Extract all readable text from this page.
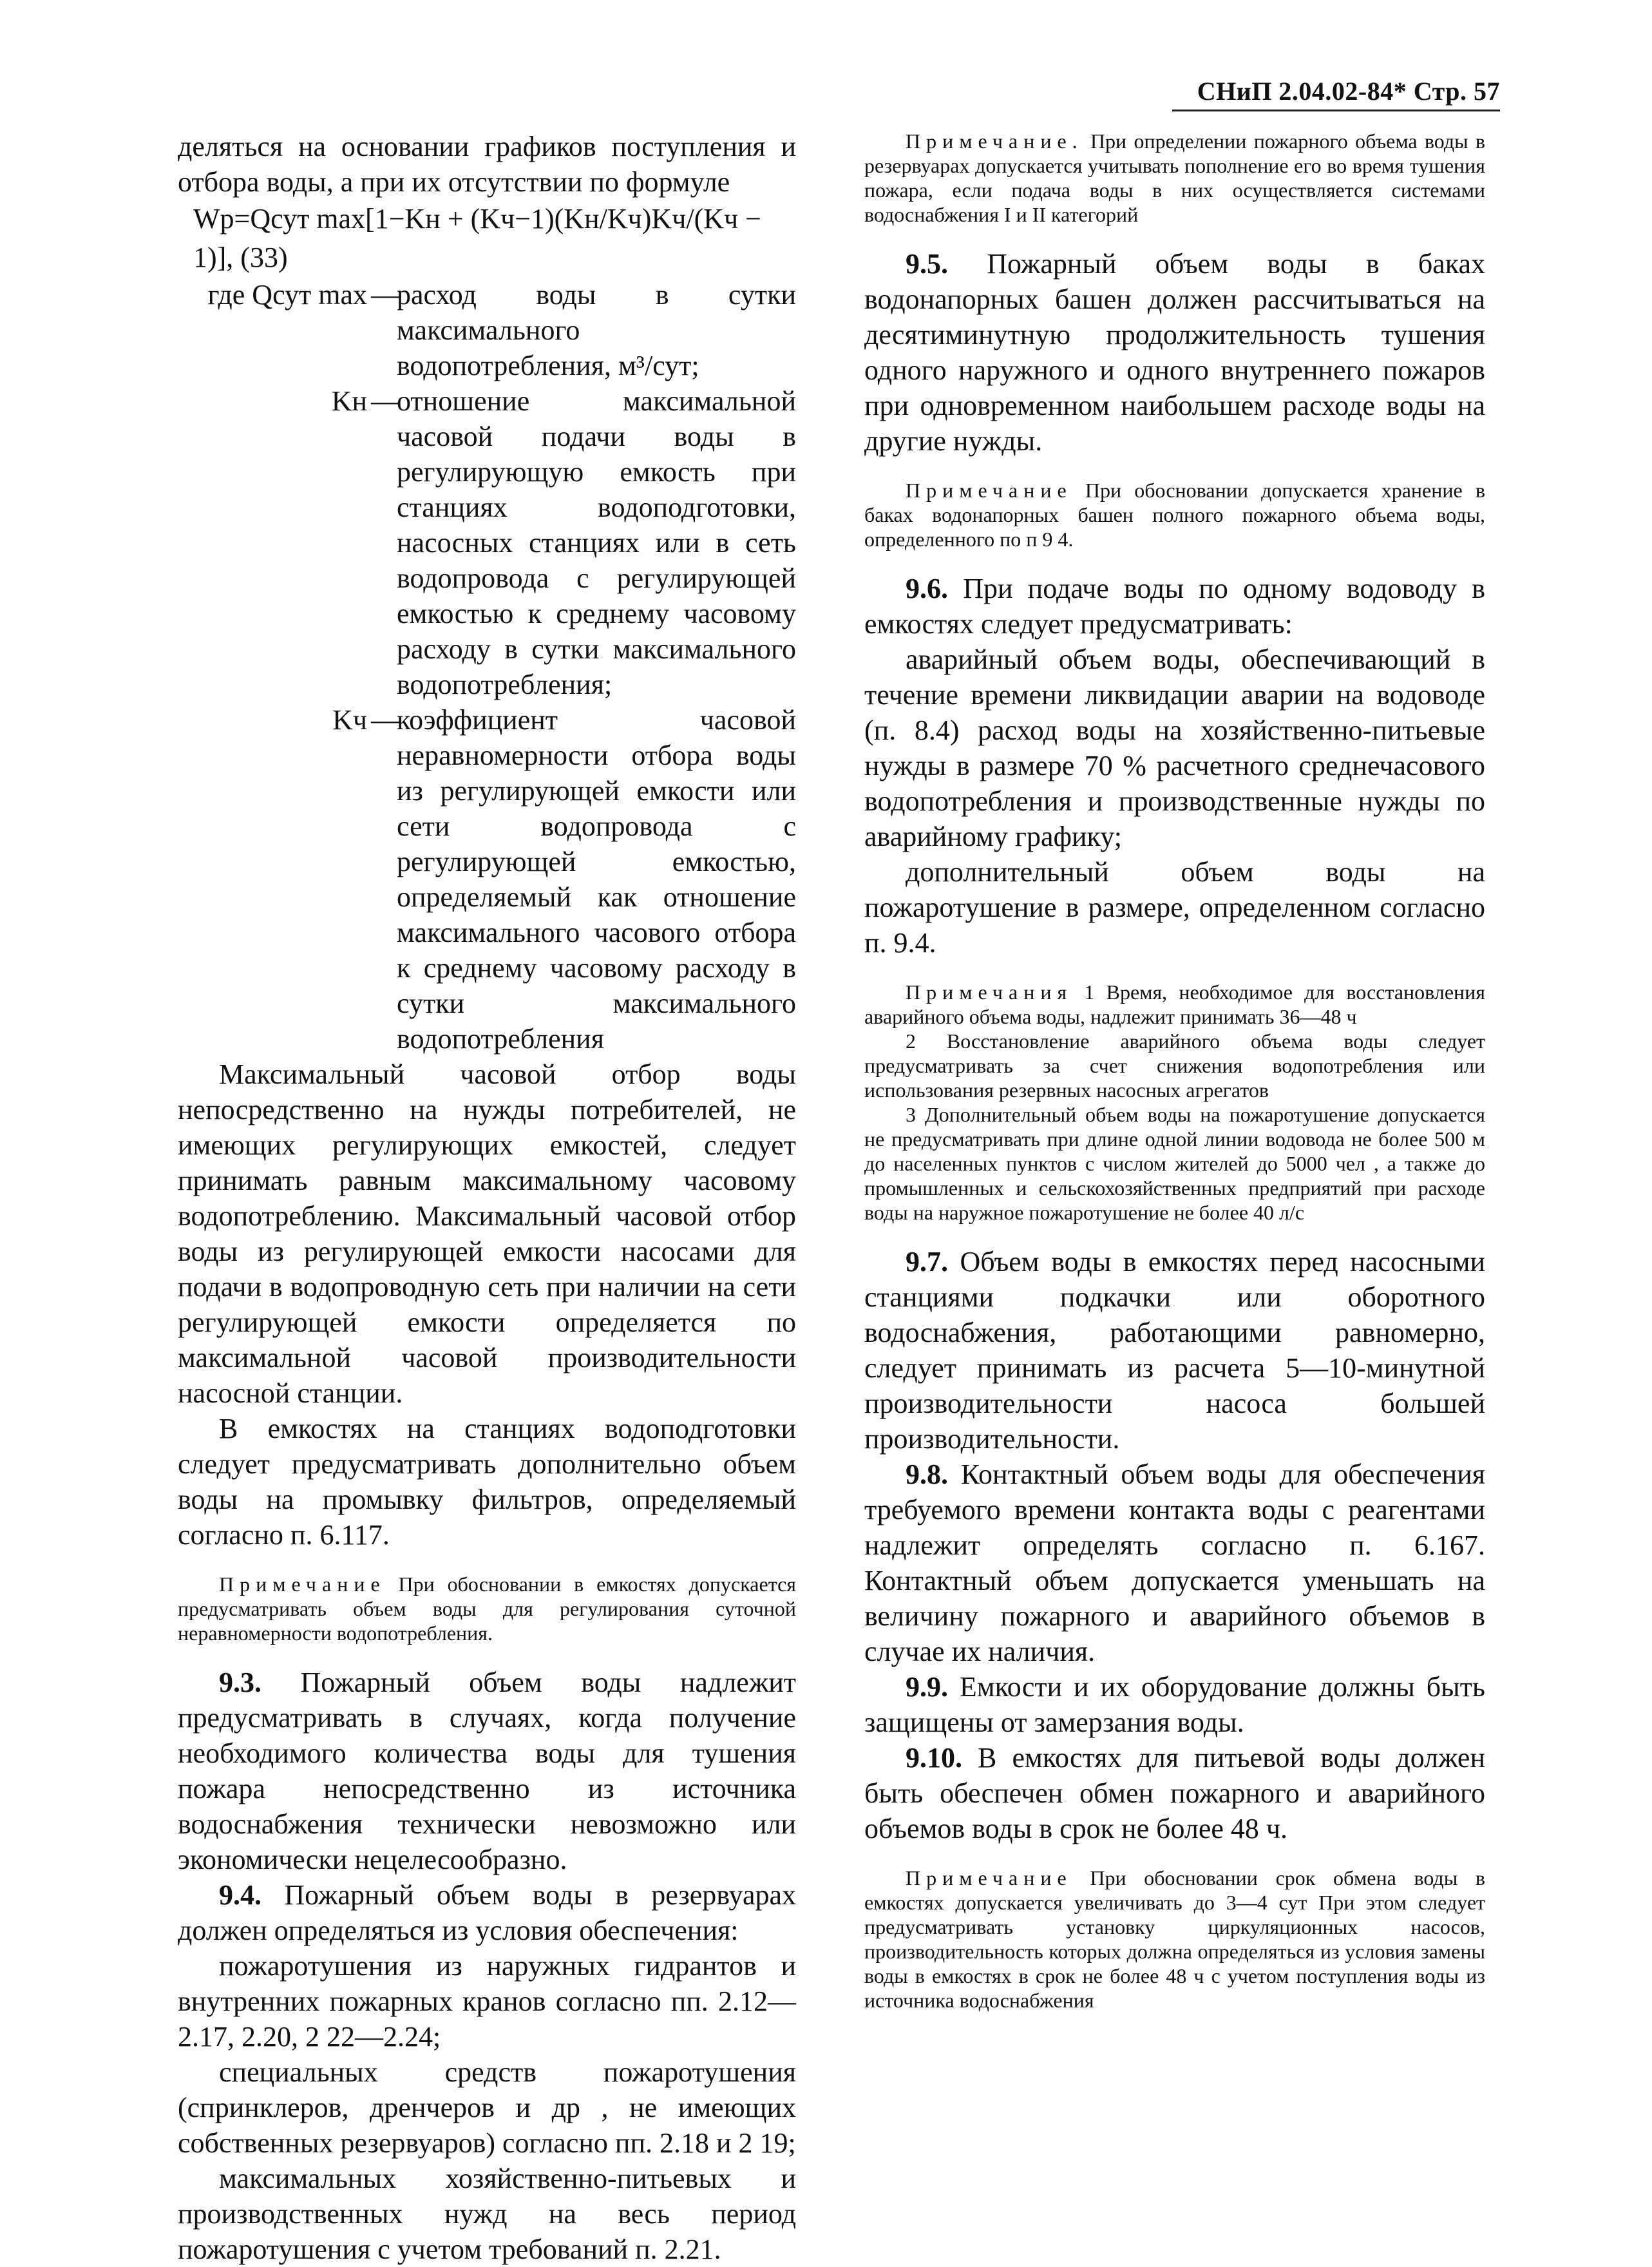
СНиП 2.04.02-84* Стр. 57

деляться на основании графиков поступления и отбора воды, а при их отсутствии по формуле

Wр=Qсут max[1−Kн + (Kч−1)(Kн/Kч)Kч/(Kч − 1)], (33)

где Qсут max —
расход воды в сутки максимального водопотребления, м³/сут;
Kн —
отношение максимальной часовой подачи воды в регулирующую емкость при станциях водоподготовки, насосных станциях или в сеть водопровода с регулирующей емкостью к среднему часовому расходу в сутки максимального водопотребления;
Kч —
коэффициент часовой неравномерности отбора воды из регулирующей емкости или сети водопровода с регулирующей емкостью, определяемый как отношение максимального часового отбора к среднему часовому расходу в сутки максимального водопотребления

Максимальный часовой отбор воды непосредственно на нужды потребителей, не имеющих регулирующих емкостей, следует принимать равным максимальному часовому водопотреблению. Максимальный часовой отбор воды из регулирующей емкости насосами для подачи в водопроводную сеть при наличии на сети регулирующей емкости определяется по максимальной часовой производительности насосной станции.

В емкостях на станциях водоподготовки следует предусматривать дополнительно объем воды на промывку фильтров, определяемый согласно п. 6.117.

Примечание При обосновании в емкостях допускается предусматривать объем воды для регулирования суточной неравномерности водопотребления.

9.3. Пожарный объем воды надлежит предусматривать в случаях, когда получение необходимого количества воды для тушения пожара непосредственно из источника водоснабжения технически невозможно или экономически нецелесообразно.

9.4. Пожарный объем воды в резервуарах должен определяться из условия обеспечения:

пожаротушения из наружных гидрантов и внутренних пожарных кранов согласно пп. 2.12—2.17, 2.20, 2 22—2.24;

специальных средств пожаротушения (спринклеров, дренчеров и др , не имеющих собственных резервуаров) согласно пп. 2.18 и 2 19;

максимальных хозяйственно-питьевых и производственных нужд на весь период пожаротушения с учетом требований п. 2.21.

Примечание. При определении пожарного объема воды в резервуарах допускается учитывать пополнение его во время тушения пожара, если подача воды в них осуществляется системами водоснабжения I и II категорий

9.5. Пожарный объем воды в баках водонапорных башен должен рассчитываться на десятиминутную продолжительность тушения одного наружного и одного внутреннего пожаров при одновременном наибольшем расходе воды на другие нужды.

Примечание При обосновании допускается хранение в баках водонапорных башен полного пожарного объема воды, определенного по п 9 4.

9.6. При подаче воды по одному водоводу в емкостях следует предусматривать:

аварийный объем воды, обеспечивающий в течение времени ликвидации аварии на водоводе (п. 8.4) расход воды на хозяйственно-питьевые нужды в размере 70 % расчетного среднечасового водопотребления и производственные нужды по аварийному графику;

дополнительный объем воды на пожаротушение в размере, определенном согласно п. 9.4.

Примечания 1 Время, необходимое для восстановления аварийного объема воды, надлежит принимать 36—48 ч

2 Восстановление аварийного объема воды следует предусматривать за счет снижения водопотребления или использования резервных насосных агрегатов

3 Дополнительный объем воды на пожаротушение допускается не предусматривать при длине одной линии водовода не более 500 м до населенных пунктов с числом жителей до 5000 чел , а также до промышленных и сельскохозяйственных предприятий при расходе воды на наружное пожаротушение не более 40 л/с

9.7. Объем воды в емкостях перед насосными станциями подкачки или оборотного водоснабжения, работающими равномерно, следует принимать из расчета 5—10-минутной производительности насоса большей производительности.

9.8. Контактный объем воды для обеспечения требуемого времени контакта воды с реагентами надлежит определять согласно п. 6.167. Контактный объем допускается уменьшать на величину пожарного и аварийного объемов в случае их наличия.

9.9. Емкости и их оборудование должны быть защищены от замерзания воды.

9.10. В емкостях для питьевой воды должен быть обеспечен обмен пожарного и аварийного объемов воды в срок не более 48 ч.

Примечание При обосновании срок обмена воды в емкостях допускается увеличивать до 3—4 сут При этом следует предусматривать установку циркуляционных насосов, производительность которых должна определяться из условия замены воды в емкостях в срок не более 48 ч с учетом поступления воды из источника водоснабжения
